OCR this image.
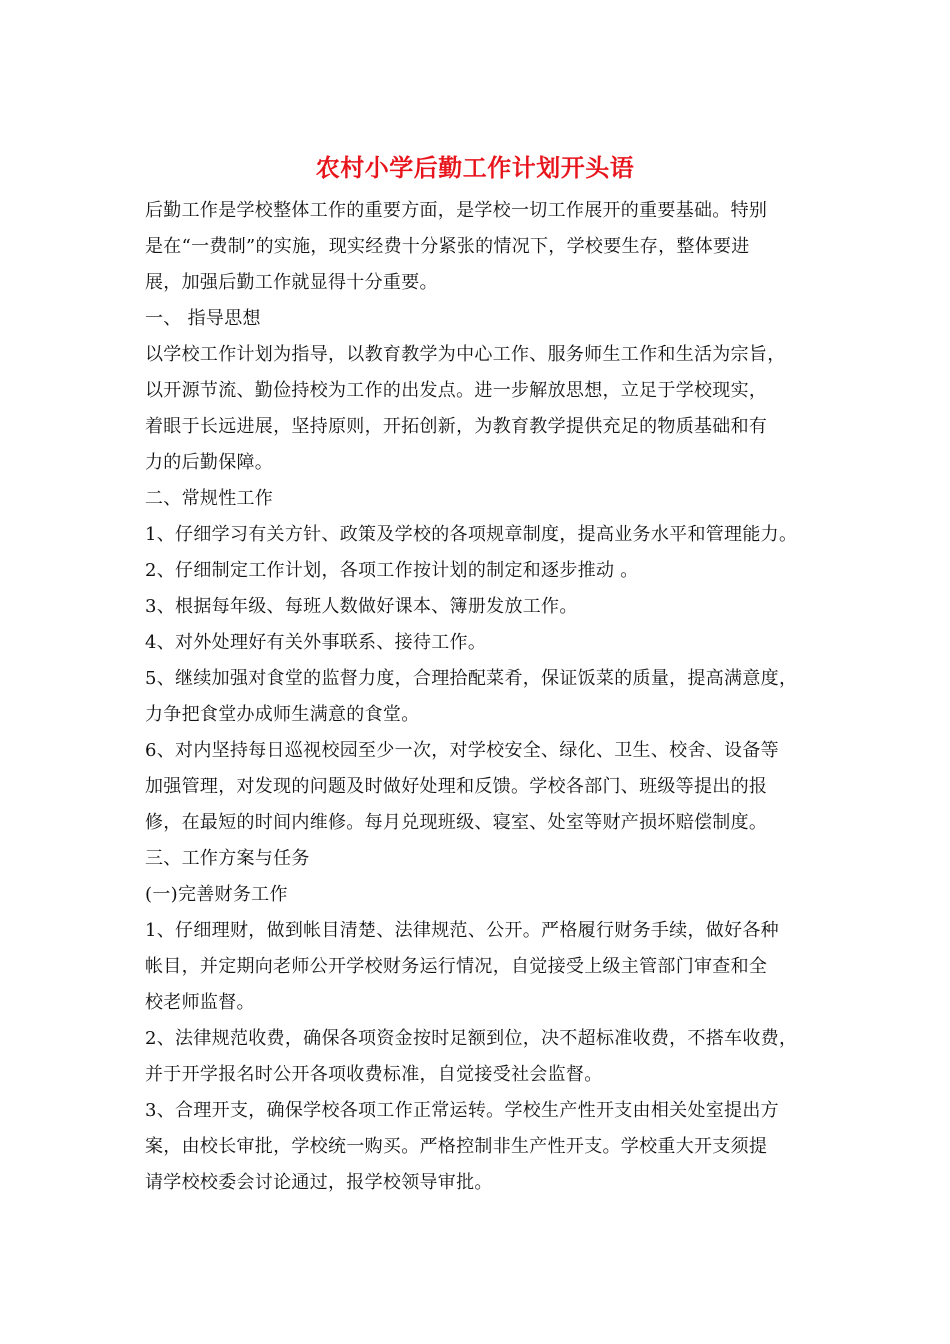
农村小学后勤工作计划开头语
后勤工作是学校整体工作的重要方面，是学校一切工作展开的重要基础。特别
是在“一费制”的实施，现实经费十分紧张的情况下，学校要生存，整体要进
展，加强后勤工作就显得十分重要。
一、 指导思想
以学校工作计划为指导，以教育教学为中心工作、服务师生工作和生活为宗旨，
以开源节流、勤俭持校为工作的出发点。进一步解放思想，立足于学校现实，
着眼于长远进展，坚持原则，开拓创新，为教育教学提供充足的物质基础和有
力的后勤保障。
二、常规性工作
1、仔细学习有关方针、政策及学校的各项规章制度，提高业务水平和管理能力。
2、仔细制定工作计划，各项工作按计划的制定和逐步推动 。
3、根据每年级、每班人数做好课本、簿册发放工作。
4、对外处理好有关外事联系、接待工作。
5、继续加强对食堂的监督力度，合理拾配菜肴，保证饭菜的质量，提高满意度，
力争把食堂办成师生满意的食堂。
6、对内坚持每日巡视校园至少一次，对学校安全、绿化、卫生、校舍、设备等
加强管理，对发现的问题及时做好处理和反馈。学校各部门、班级等提出的报
修，在最短的时间内维修。每月兑现班级、寝室、处室等财产损坏赔偿制度。
三、工作方案与任务
(一)完善财务工作
1、仔细理财，做到帐目清楚、法律规范、公开。严格履行财务手续，做好各种
帐目，并定期向老师公开学校财务运行情况，自觉接受上级主管部门审查和全
校老师监督。
2、法律规范收费，确保各项资金按时足额到位，决不超标准收费，不搭车收费，
并于开学报名时公开各项收费标准，自觉接受社会监督。
3、合理开支，确保学校各项工作正常运转。学校生产性开支由相关处室提出方
案，由校长审批，学校统一购买。严格控制非生产性开支。学校重大开支须提
请学校校委会讨论通过，报学校领导审批。
